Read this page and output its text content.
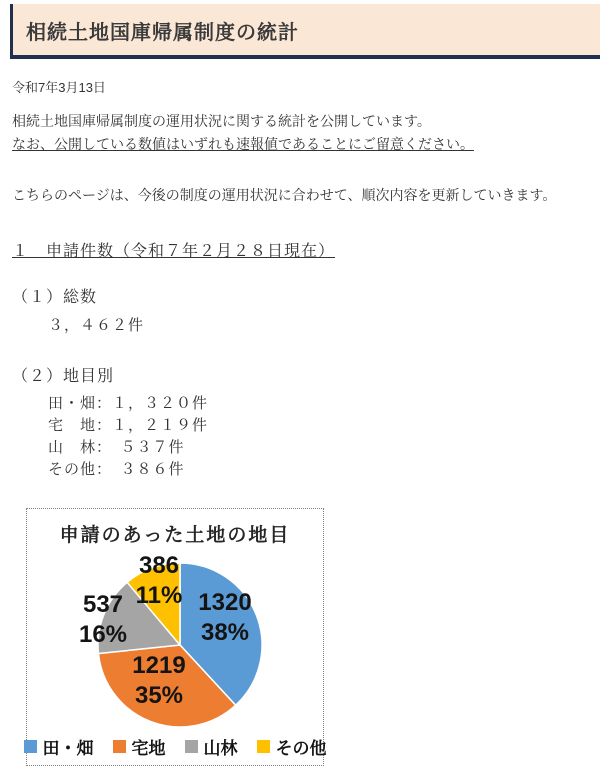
相続土地国庫帰属制度の統計
令和7年3月13日
相続土地国庫帰属制度の運用状況に関する統計を公開しています。
なお、公開している数値はいずれも速報値であることにご留意ください。
こちらのページは、今後の制度の運用状況に合わせて、順次内容を更新していきます。
１　申請件数（令和７年２月２８日現在）
（１）総数
３，４６２件
（２）地目別
田・畑：１，３２０件
宅　地：１，２１９件
山　林：　５３７件
その他：　３８６件
申請のあった土地の地目
1320
38%
1219
35%
537
16%
386
11%
田・畑 宅地 山林 その他
